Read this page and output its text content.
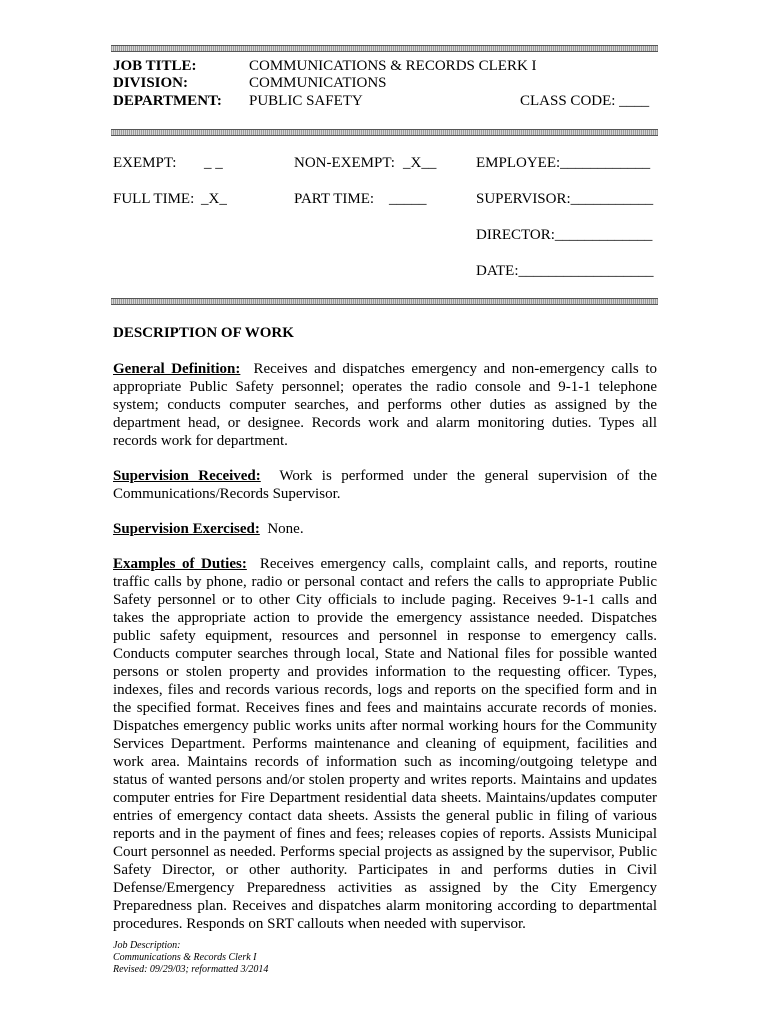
JOB TITLE:	COMMUNICATIONS & RECORDS CLERK I
DIVISION:	COMMUNICATIONS
DEPARTMENT: PUBLIC SAFETY	CLASS CODE: ____
EXEMPT: _ _	NON-EXEMPT: _X__	EMPLOYEE:____________
FULL TIME: _X_	PART TIME: _____	SUPERVISOR:___________
DIRECTOR:_____________
DATE:__________________
DESCRIPTION OF WORK
General Definition: Receives and dispatches emergency and non-emergency calls to appropriate Public Safety personnel; operates the radio console and 9-1-1 telephone system; conducts computer searches, and performs other duties as assigned by the department head, or designee. Records work and alarm monitoring duties. Types all records work for department.
Supervision Received: Work is performed under the general supervision of the Communications/Records Supervisor.
Supervision Exercised: None.
Examples of Duties: Receives emergency calls, complaint calls, and reports, routine traffic calls by phone, radio or personal contact and refers the calls to appropriate Public Safety personnel or to other City officials to include paging. Receives 9-1-1 calls and takes the appropriate action to provide the emergency assistance needed. Dispatches public safety equipment, resources and personnel in response to emergency calls. Conducts computer searches through local, State and National files for possible wanted persons or stolen property and provides information to the requesting officer. Types, indexes, files and records various records, logs and reports on the specified form and in the specified format. Receives fines and fees and maintains accurate records of monies. Dispatches emergency public works units after normal working hours for the Community Services Department. Performs maintenance and cleaning of equipment, facilities and work area. Maintains records of information such as incoming/outgoing teletype and status of wanted persons and/or stolen property and writes reports. Maintains and updates computer entries for Fire Department residential data sheets. Maintains/updates computer entries of emergency contact data sheets. Assists the general public in filing of various reports and in the payment of fines and fees; releases copies of reports. Assists Municipal Court personnel as needed. Performs special projects as assigned by the supervisor, Public Safety Director, or other authority. Participates in and performs duties in Civil Defense/Emergency Preparedness activities as assigned by the City Emergency Preparedness plan. Receives and dispatches alarm monitoring according to departmental procedures. Responds on SRT callouts when needed with supervisor.
Job Description:
Communications & Records Clerk I
Revised: 09/29/03; reformatted 3/2014
